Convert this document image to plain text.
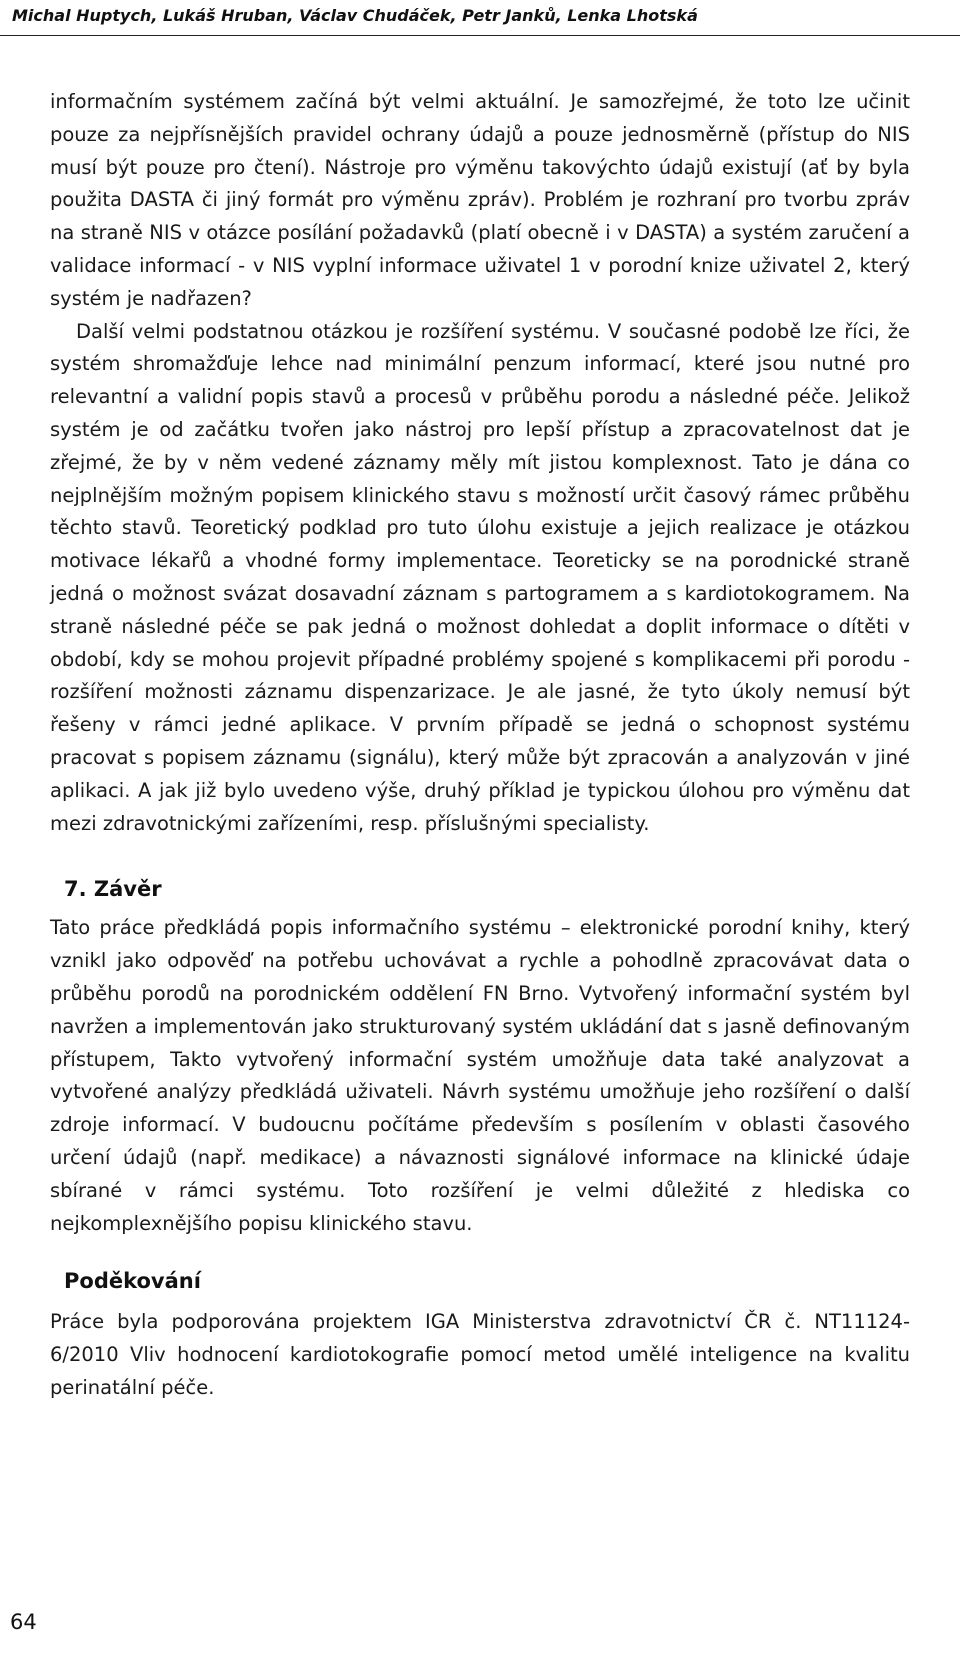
Michal Huptych, Lukáš Hruban, Václav Chudáček, Petr Janků, Lenka Lhotská

informačním systémem začíná být velmi aktuální. Je samozřejmé, že toto lze učinit pouze za nejpřísnějších pravidel ochrany údajů a pouze jednosměrně (přístup do NIS musí být pouze pro čtení). Nástroje pro výměnu takovýchto údajů existují (ať by byla použita DASTA či jiný formát pro výměnu zpráv). Problém je rozhraní pro tvorbu zpráv na straně NIS v otázce posílání požadavků (platí obecně i v DASTA) a systém zaručení a validace informací - v NIS vyplní informace uživatel 1 v porodní knize uživatel 2, který systém je nadřazen?

Další velmi podstatnou otázkou je rozšíření systému. V současné podobě lze říci, že systém shromažďuje lehce nad minimální penzum informací, které jsou nutné pro relevantní a validní popis stavů a procesů v průběhu porodu a následné péče. Jelikož systém je od začátku tvořen jako nástroj pro lepší přístup a zpracovatelnost dat je zřejmé, že by v něm vedené záznamy měly mít jistou komplexnost. Tato je dána co nejplnějším možným popisem klinického stavu s možností určit časový rámec průběhu těchto stavů. Teoretický podklad pro tuto úlohu existuje a jejich realizace je otázkou motivace lékařů a vhodné formy implementace. Teoreticky se na porodnické straně jedná o možnost svázat dosavadní záznam s partogramem a s kardiotokogramem. Na straně následné péče se pak jedná o možnost dohledat a doplit informace o dítěti v období, kdy se mohou projevit případné problémy spojené s komplikacemi při porodu - rozšíření možnosti záznamu dispenzarizace. Je ale jasné, že tyto úkoly nemusí být řešeny v rámci jedné aplikace. V prvním případě se jedná o schopnost systému pracovat s popisem záznamu (signálu), který může být zpracován a analyzován v jiné aplikaci. A jak již bylo uvedeno výše, druhý příklad je typickou úlohou pro výměnu dat mezi zdravotnickými zařízeními, resp. příslušnými specialisty.

7. Závěr

Tato práce předkládá popis informačního systému – elektronické porodní knihy, který vznikl jako odpověď na potřebu uchovávat a rychle a pohodlně zpracovávat data o průběhu porodů na porodnickém oddělení FN Brno. Vytvořený informační systém byl navržen a implementován jako strukturovaný systém ukládání dat s jasně definovaným přístupem, Takto vytvořený informační systém umožňuje data také analyzovat a vytvořené analýzy předkládá uživateli. Návrh systému umožňuje jeho rozšíření o další zdroje informací. V budoucnu počítáme především s posílením v oblasti časového určení údajů (např. medikace) a návaznosti signálové informace na klinické údaje sbírané v rámci systému. Toto rozšíření je velmi důležité z hlediska co nejkomplexnějšího popisu klinického stavu.

Poděkování

Práce byla podporována projektem IGA Ministerstva zdravotnictví ČR č. NT11124-6/2010 Vliv hodnocení kardiotokografie pomocí metod umělé inteligence na kvalitu perinatální péče.

64
